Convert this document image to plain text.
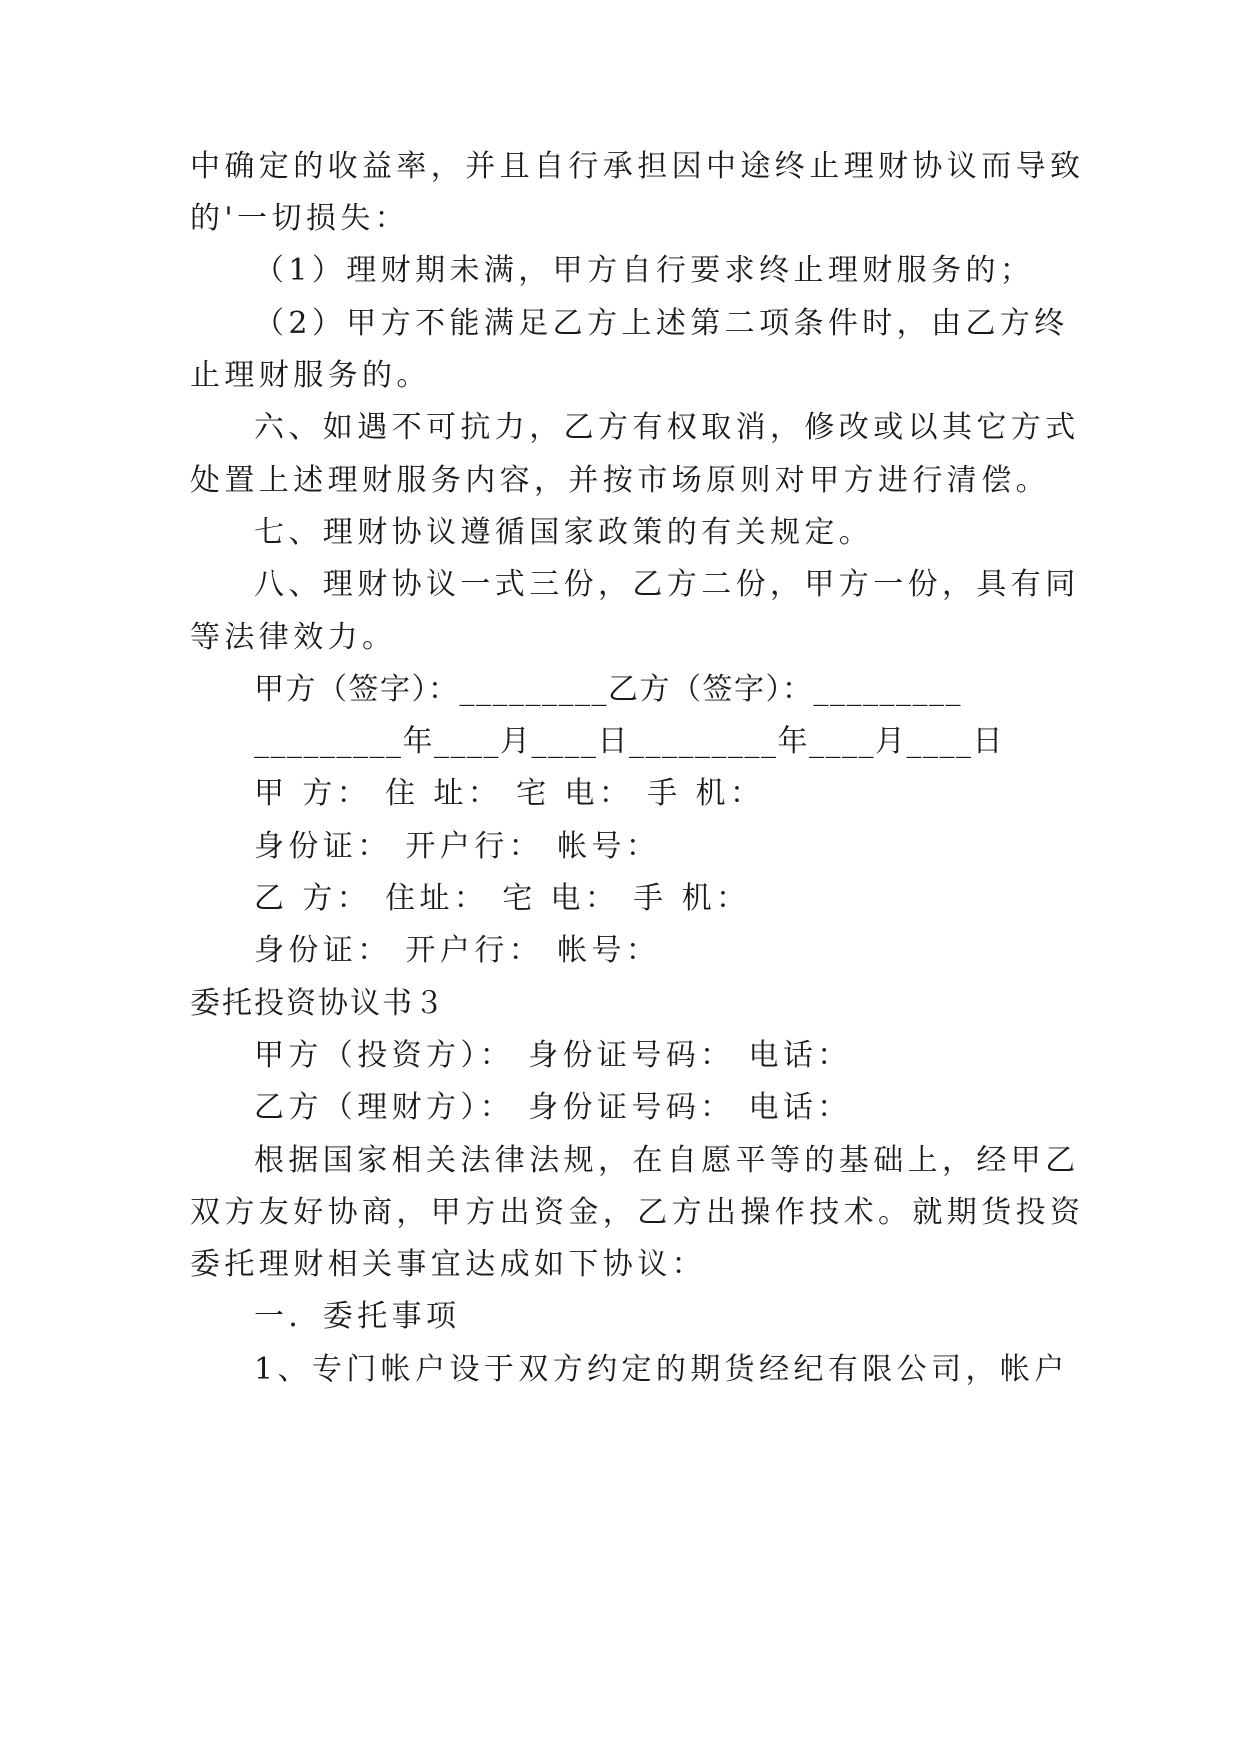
中确定的收益率，并且自行承担因中途终止理财协议而导致
的'一切损失：
（1）理财期未满，甲方自行要求终止理财服务的；
（2）甲方不能满足乙方上述第二项条件时，由乙方终
止理财服务的。
六、如遇不可抗力，乙方有权取消，修改或以其它方式
处置上述理财服务内容，并按市场原则对甲方进行清偿。
七、理财协议遵循国家政策的有关规定。
八、理财协议一式三份，乙方二份，甲方一份，具有同
等法律效力。
甲方（签字）：_________乙方（签字）：_________
_________年____月____日_________年____月____日
甲 方： 住 址： 宅 电： 手 机：
身份证： 开户行： 帐号：
乙 方： 住址： 宅 电： 手 机：
身份证： 开户行： 帐号：
委托投资协议书３
甲方（投资方）： 身份证号码： 电话：
乙方（理财方）： 身份证号码： 电话：
根据国家相关法律法规，在自愿平等的基础上，经甲乙
双方友好协商，甲方出资金，乙方出操作技术。就期货投资
委托理财相关事宜达成如下协议：
一．委托事项
1、专门帐户设于双方约定的期货经纪有限公司，帐户
